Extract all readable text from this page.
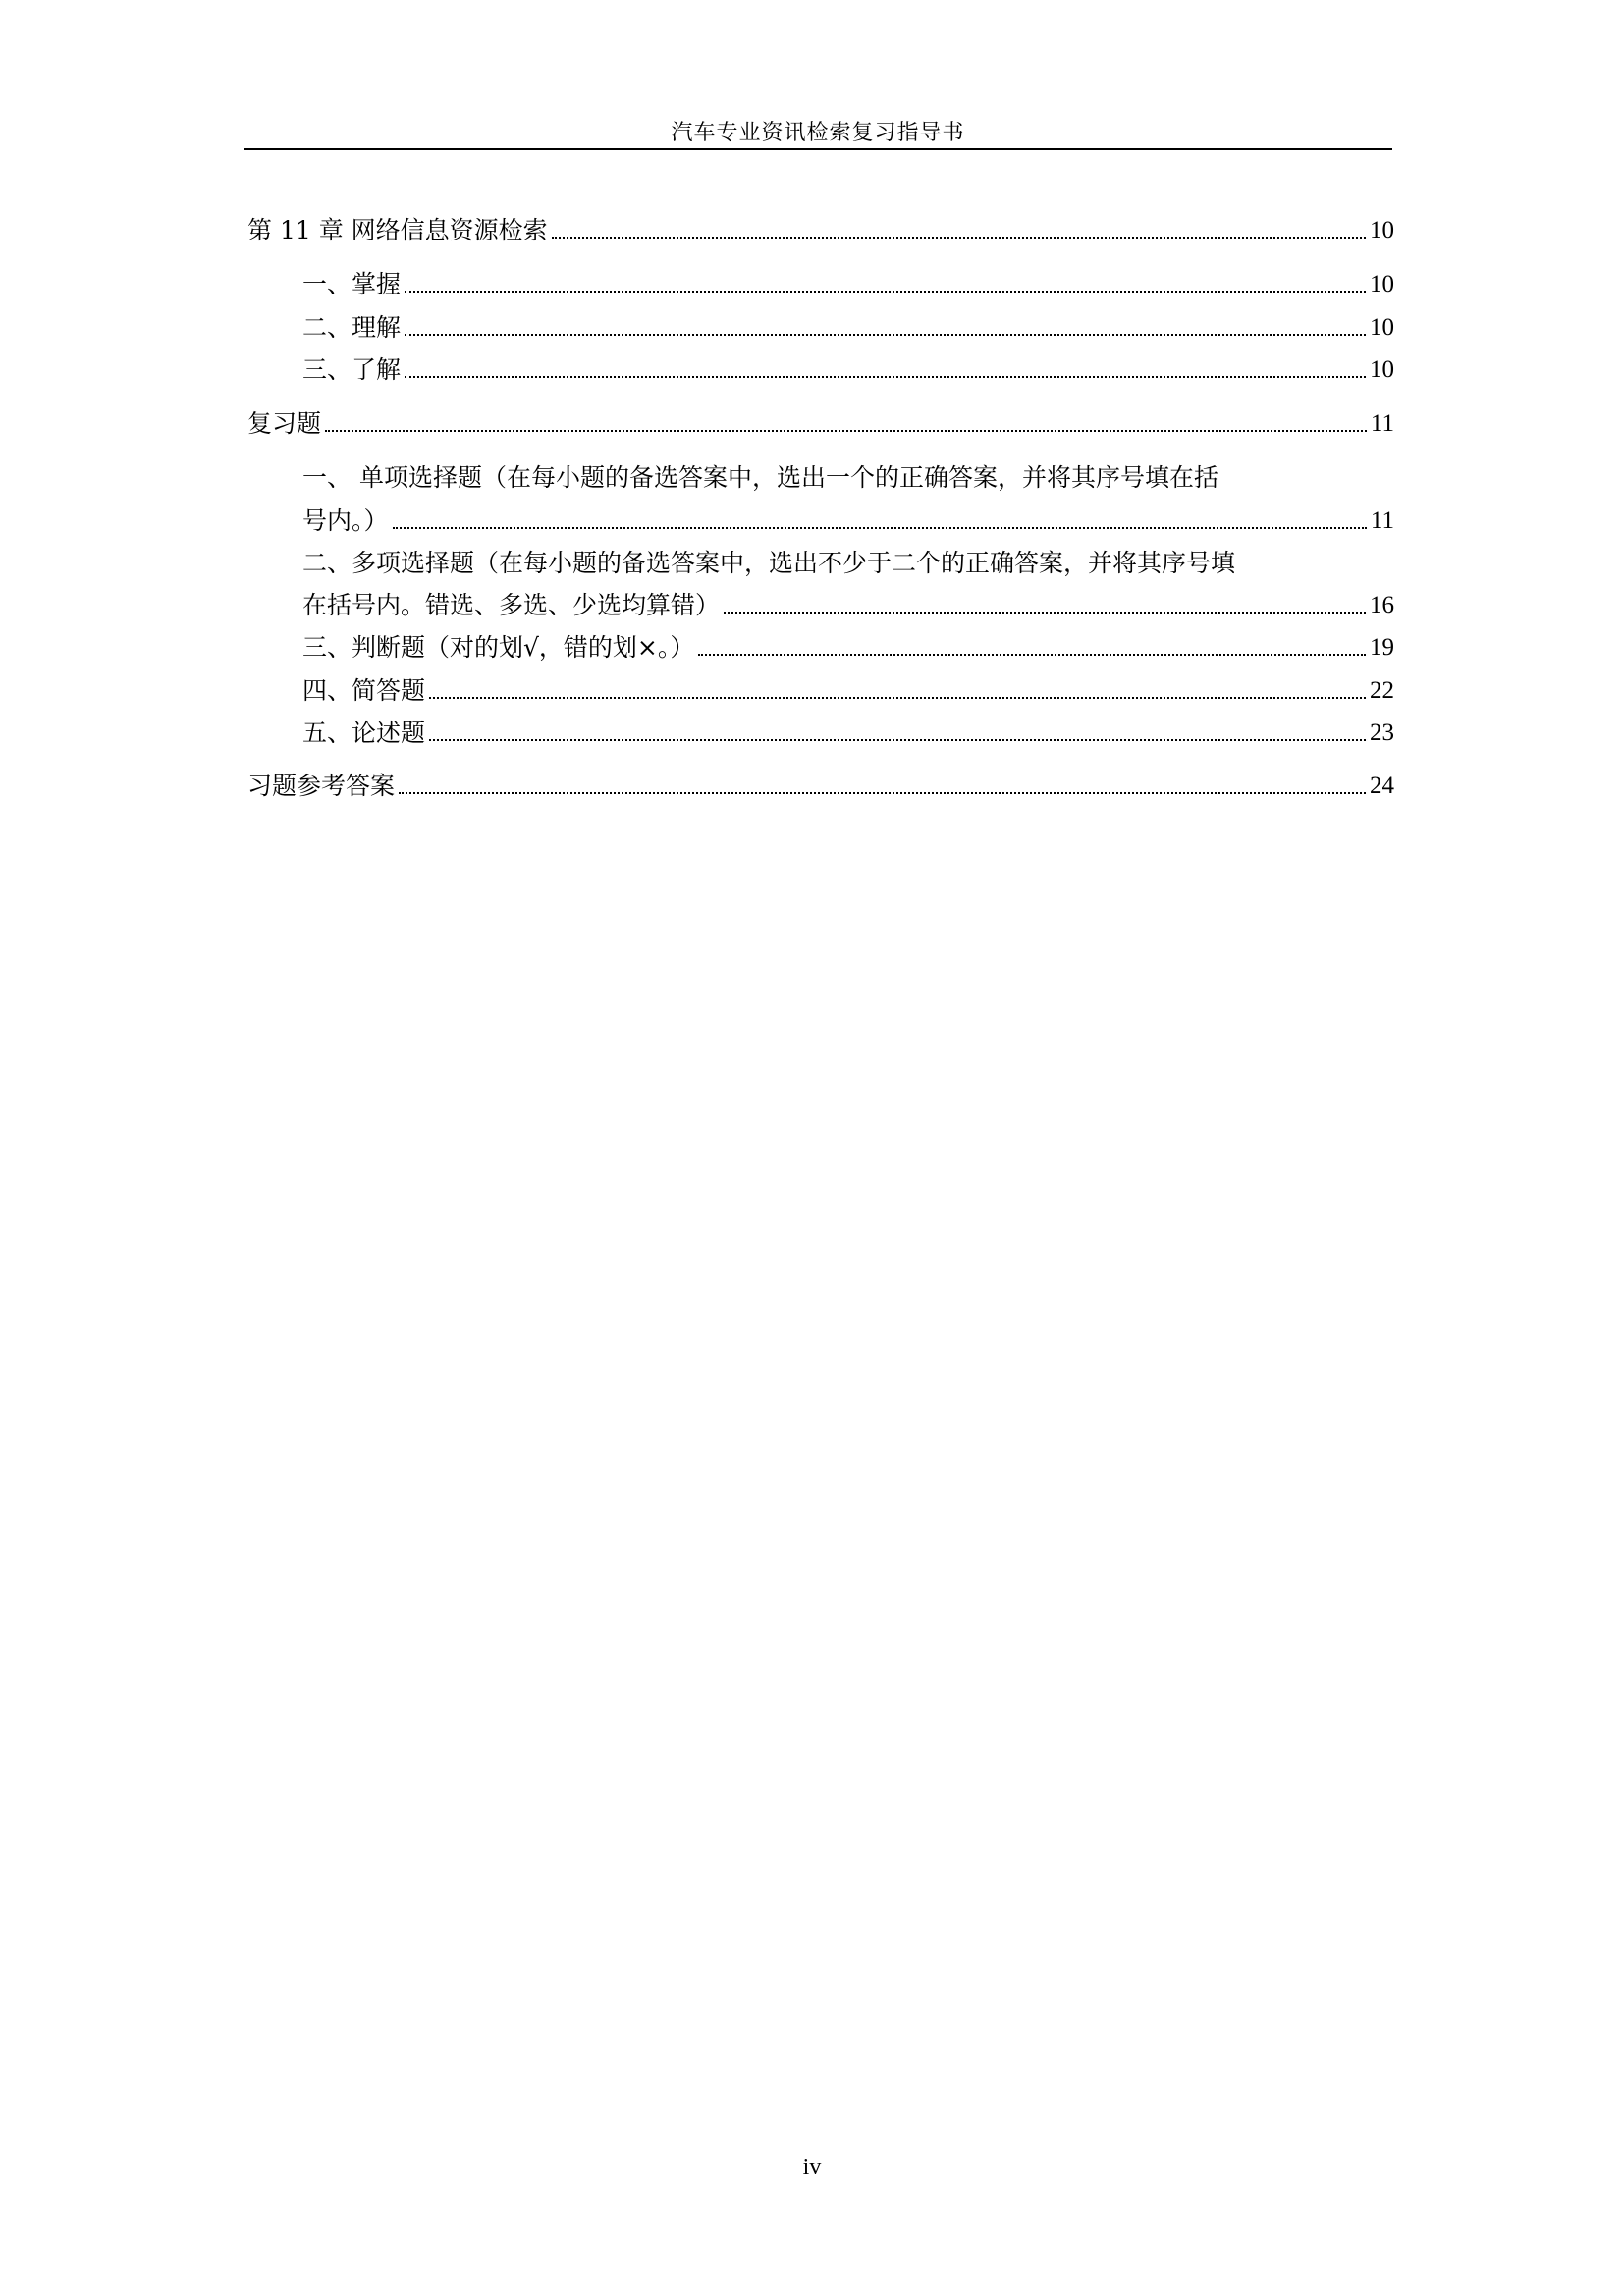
汽车专业资讯检索复习指导书
第 11 章 网络信息资源检索	10
一、掌握	10
二、理解	10
三、了解	10
复习题	11
一、 单项选择题（在每小题的备选答案中，选出一个的正确答案，并将其序号填在括
号内。）	11
二、多项选择题（在每小题的备选答案中，选出不少于二个的正确答案，并将其序号填
在括号内。错选、多选、少选均算错）	16
三、判断题（对的划√，错的划×。）	19
四、简答题	22
五、论述题	23
习题参考答案	24
iv
